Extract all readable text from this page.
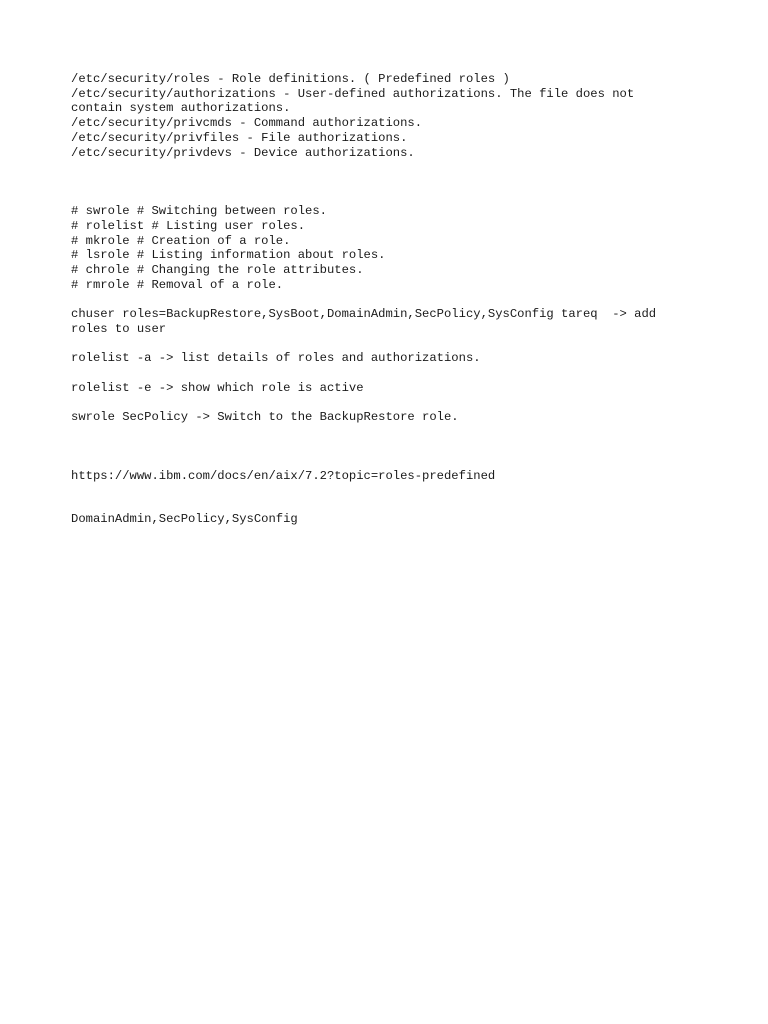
/etc/security/roles - Role definitions. ( Predefined roles )
/etc/security/authorizations - User-defined authorizations. The file does not
contain system authorizations.
/etc/security/privcmds - Command authorizations.
/etc/security/privfiles - File authorizations.
/etc/security/privdevs - Device authorizations.
# swrole # Switching between roles.
# rolelist # Listing user roles.
# mkrole # Creation of a role.
# lsrole # Listing information about roles.
# chrole # Changing the role attributes.
# rmrole # Removal of a role.
chuser roles=BackupRestore,SysBoot,DomainAdmin,SecPolicy,SysConfig tareq  -> add
roles to user
rolelist -a -> list details of roles and authorizations.
rolelist -e -> show which role is active
swrole SecPolicy -> Switch to the BackupRestore role.
https://www.ibm.com/docs/en/aix/7.2?topic=roles-predefined
DomainAdmin,SecPolicy,SysConfig
